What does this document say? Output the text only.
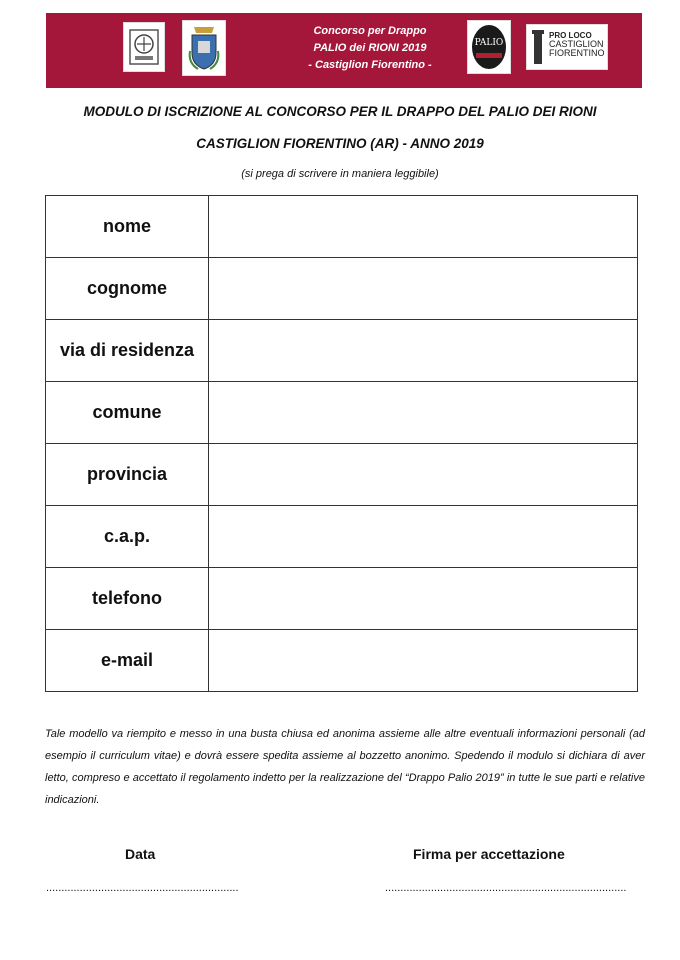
Concorso per Drappo
PALIO dei RIONI 2019
- Castiglion Fiorentino -
PALIO
PRO LOCO
CASTIGLION FIORENTINO
MODULO DI ISCRIZIONE AL CONCORSO PER IL DRAPPO DEL PALIO DEI RIONI
CASTIGLION FIORENTINO (AR) - ANNO 2019
(si prega di scrivere in maniera leggibile)
nome	
cognome	
via di residenza	
comune	
provincia	
c.a.p.	
telefono	
e-mail	
Tale modello va riempito e messo in una busta chiusa ed anonima assieme alle altre eventuali informazioni personali (ad esempio il curriculum vitae) e dovrà essere spedita assieme al bozzetto anonimo. Spedendo il modulo si dichiara di aver letto, compreso e accettato il regolamento indetto per la realizzazione del “Drappo Palio 2019” in tutte le sue parti e relative indicazioni.
Data	Firma per accettazione
...............................................................	...............................................................................
